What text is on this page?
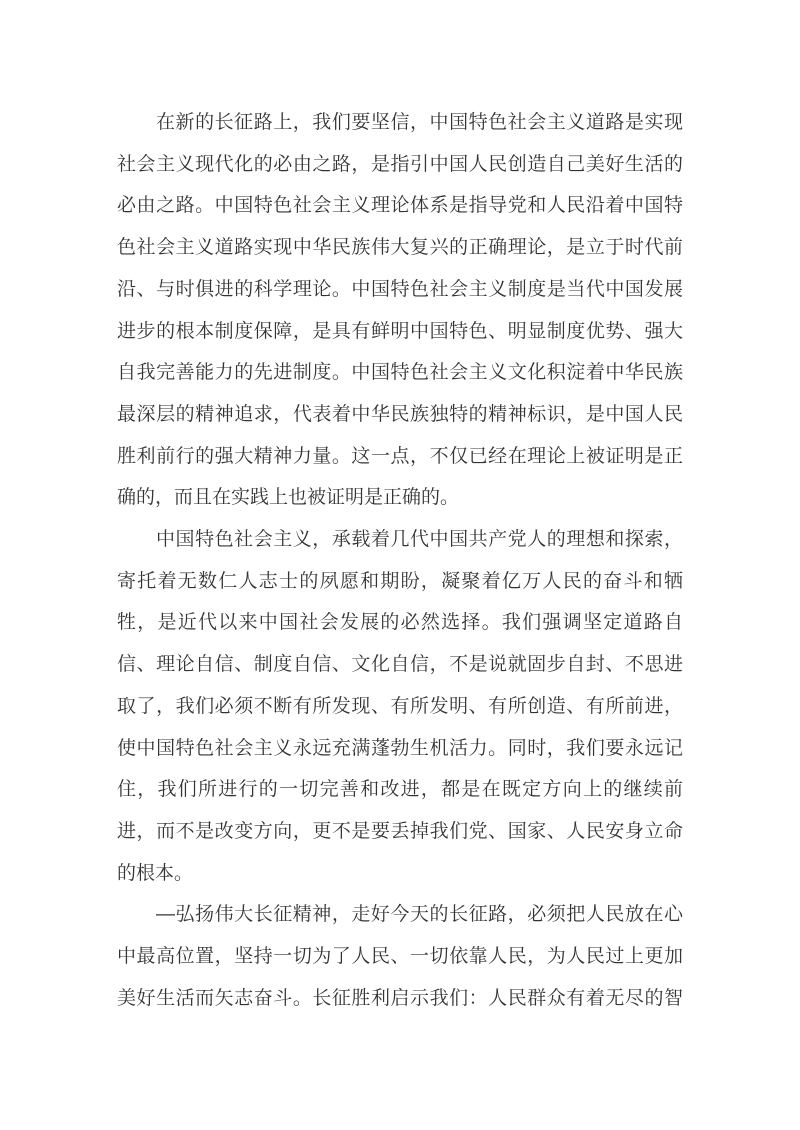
在新的长征路上，我们要坚信，中国特色社会主义道路是实现
社会主义现代化的必由之路，是指引中国人民创造自己美好生活的
必由之路。中国特色社会主义理论体系是指导党和人民沿着中国特
色社会主义道路实现中华民族伟大复兴的正确理论，是立于时代前
沿、与时俱进的科学理论。中国特色社会主义制度是当代中国发展
进步的根本制度保障，是具有鲜明中国特色、明显制度优势、强大
自我完善能力的先进制度。中国特色社会主义文化积淀着中华民族
最深层的精神追求，代表着中华民族独特的精神标识，是中国人民
胜利前行的强大精神力量。这一点，不仅已经在理论上被证明是正
确的，而且在实践上也被证明是正确的。
中国特色社会主义，承载着几代中国共产党人的理想和探索，
寄托着无数仁人志士的夙愿和期盼，凝聚着亿万人民的奋斗和牺
牲，是近代以来中国社会发展的必然选择。我们强调坚定道路自
信、理论自信、制度自信、文化自信，不是说就固步自封、不思进
取了，我们必须不断有所发现、有所发明、有所创造、有所前进，
使中国特色社会主义永远充满蓬勃生机活力。同时，我们要永远记
住，我们所进行的一切完善和改进，都是在既定方向上的继续前
进，而不是改变方向，更不是要丢掉我们党、国家、人民安身立命
的根本。
—弘扬伟大长征精神，走好今天的长征路，必须把人民放在心
中最高位置，坚持一切为了人民、一切依靠人民，为人民过上更加
美好生活而矢志奋斗。长征胜利启示我们：人民群众有着无尽的智
